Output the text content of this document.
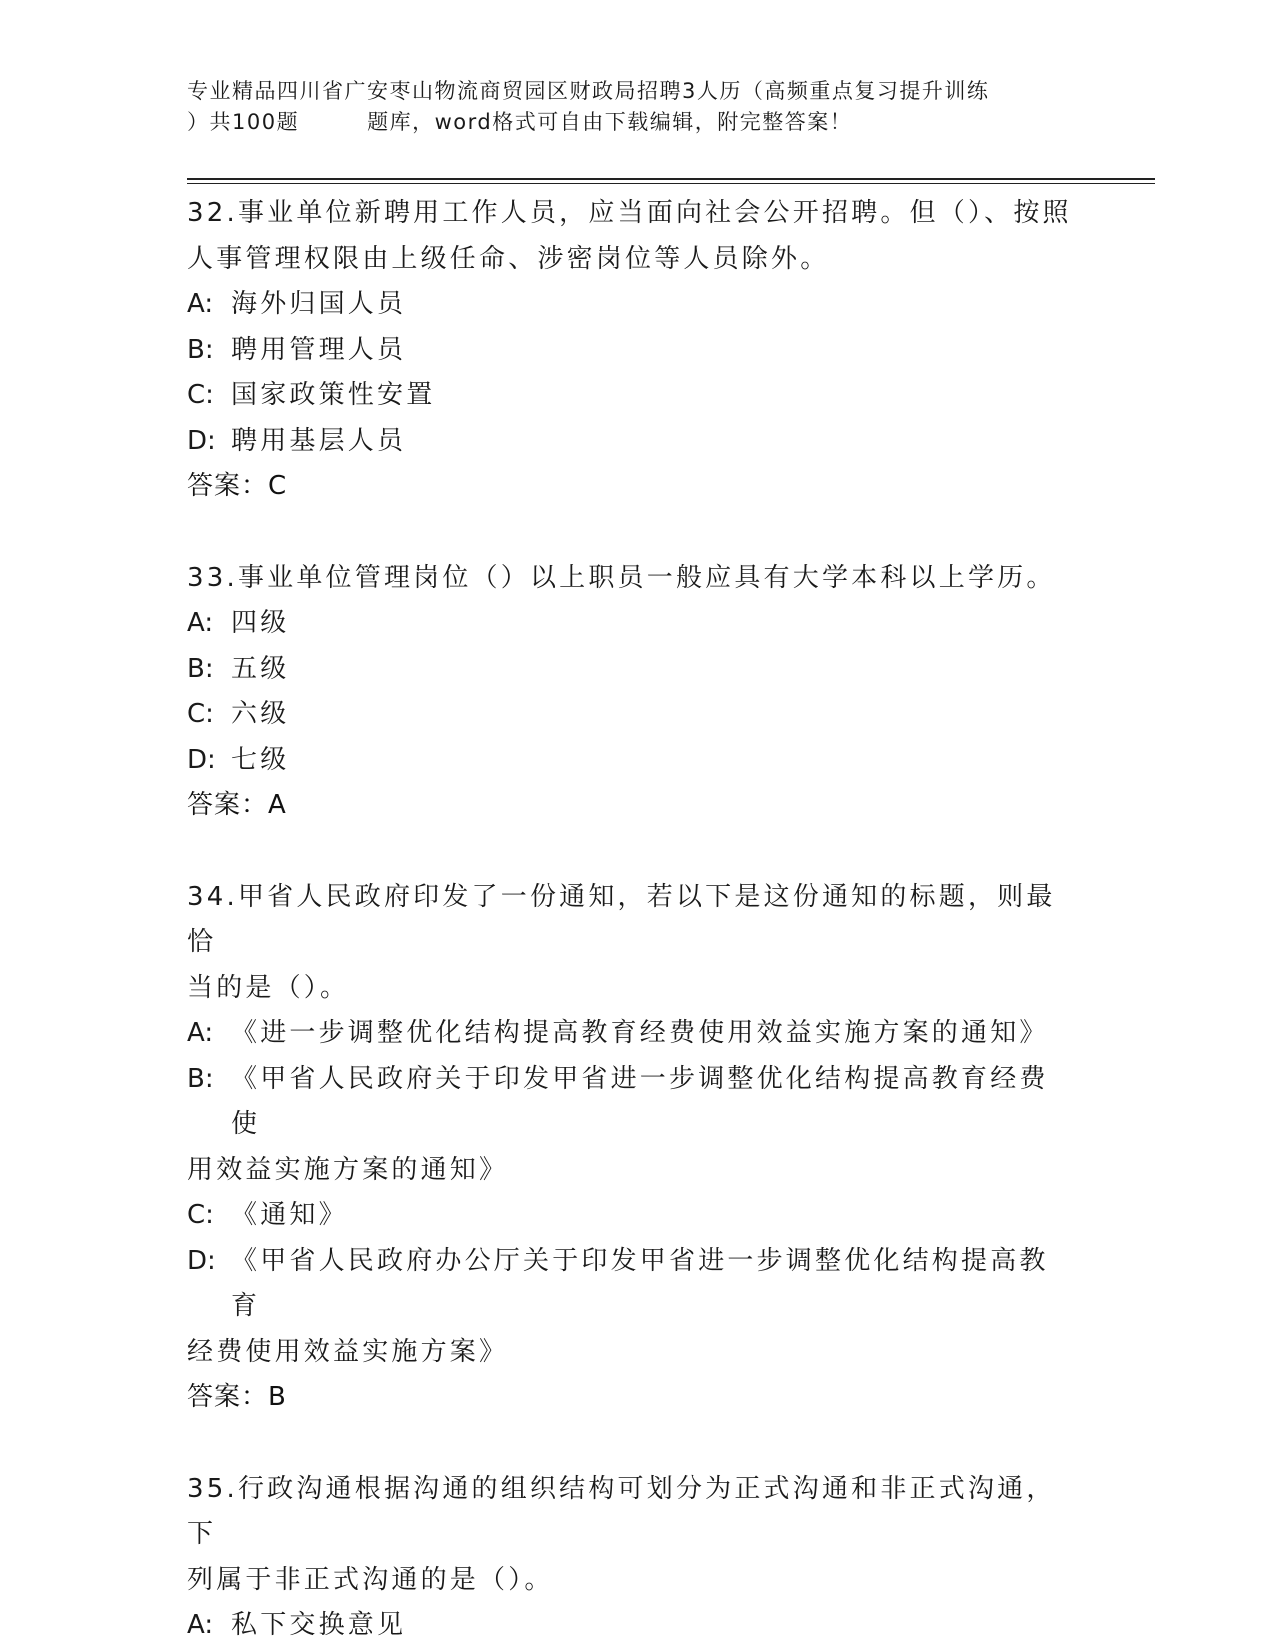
专业精品四川省广安枣山物流商贸园区财政局招聘3人历（高频重点复习提升训练
）共100题	题库，word格式可自由下载编辑，附完整答案！
32.事业单位新聘用工作人员，应当面向社会公开招聘。但（）、按照
人事管理权限由上级任命、涉密岗位等人员除外。
A: 海外归国人员
B: 聘用管理人员
C: 国家政策性安置
D: 聘用基层人员
答案：C
33.事业单位管理岗位（）以上职员一般应具有大学本科以上学历。
A: 四级
B: 五级
C: 六级
D: 七级
答案：A
34.甲省人民政府印发了一份通知，若以下是这份通知的标题，则最恰
当的是（）。
A: 《进一步调整优化结构提高教育经费使用效益实施方案的通知》
B: 《甲省人民政府关于印发甲省进一步调整优化结构提高教育经费使
用效益实施方案的通知》
C: 《通知》
D: 《甲省人民政府办公厅关于印发甲省进一步调整优化结构提高教育
经费使用效益实施方案》
答案：B
35.行政沟通根据沟通的组织结构可划分为正式沟通和非正式沟通，下
列属于非正式沟通的是（）。
A: 私下交换意见
